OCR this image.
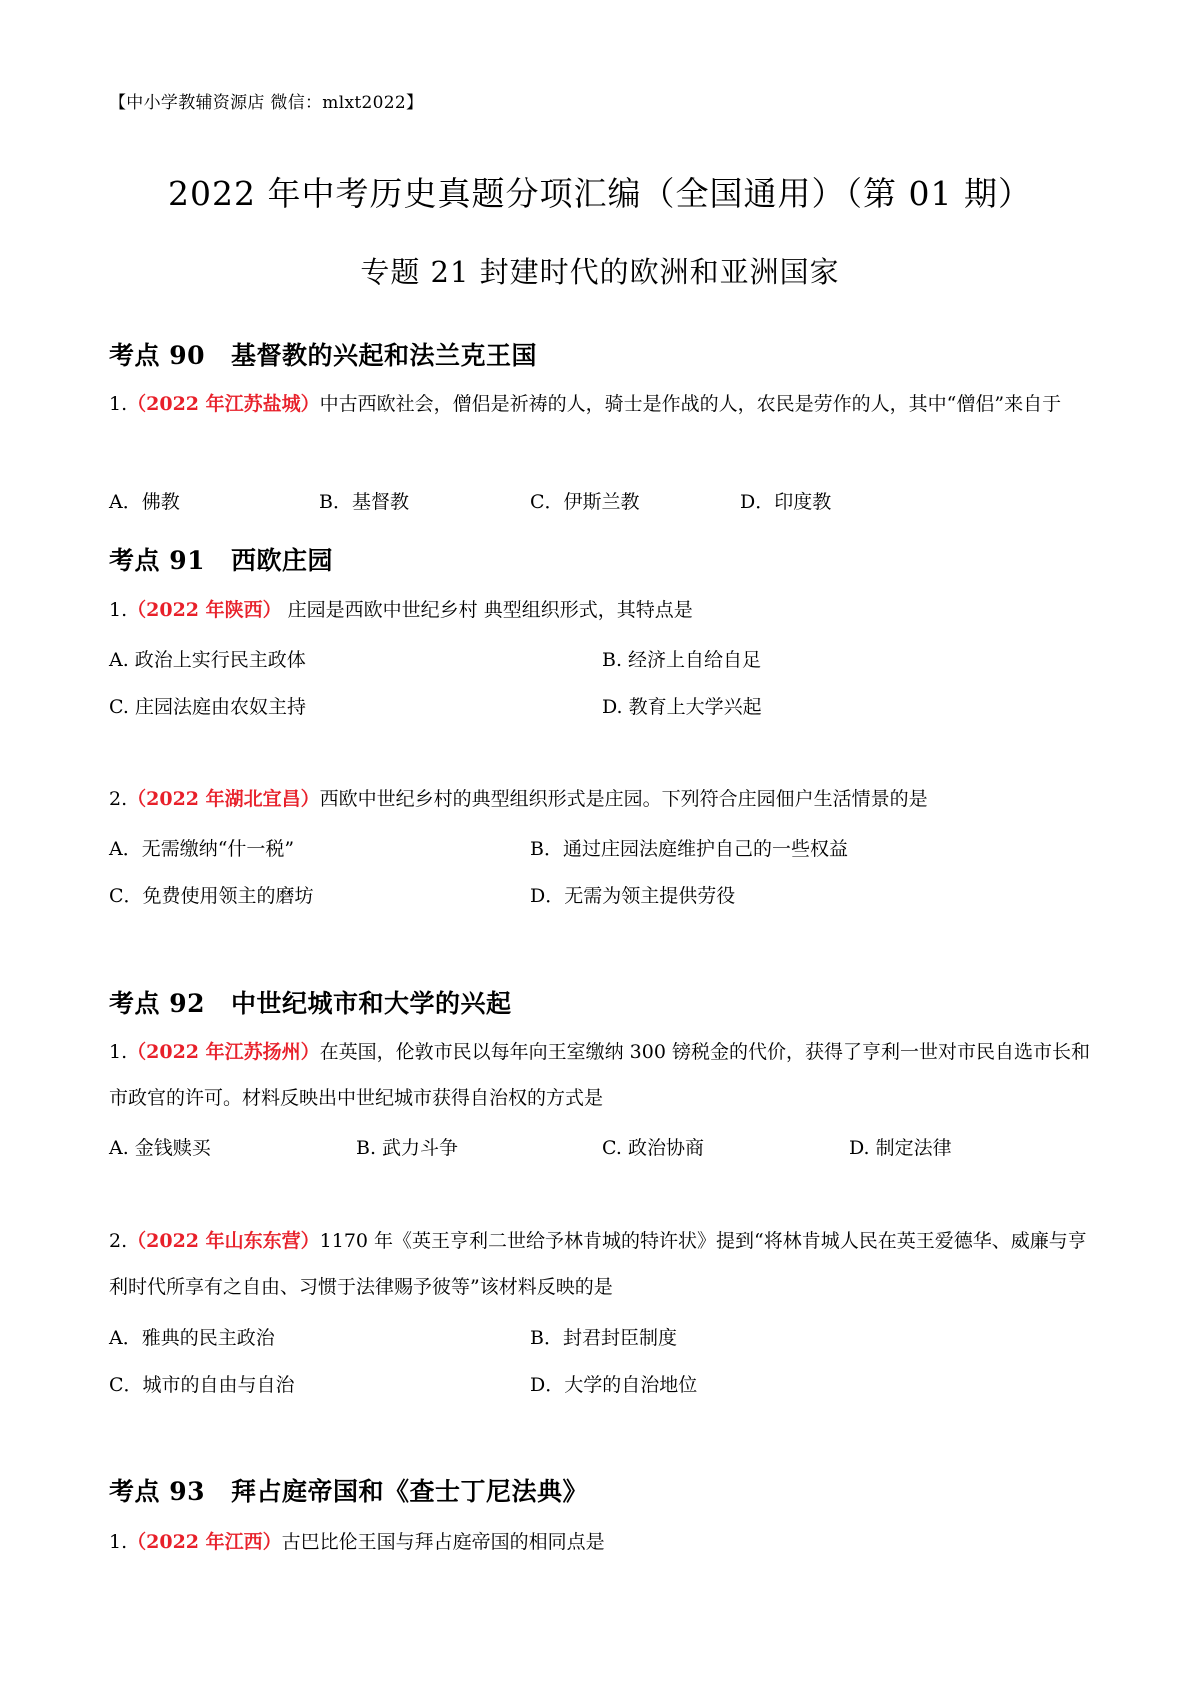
【中小学教辅资源店 微信：mlxt2022】
2022 年中考历史真题分项汇编（全国通用）（第 01 期）
专题 21 封建时代的欧洲和亚洲国家
考点 90 基督教的兴起和法兰克王国
1.（2022 年江苏盐城）中古西欧社会，僧侣是祈祷的人，骑士是作战的人，农民是劳作的人，其中“僧侣”来自于
A．佛教	B．基督教	C．伊斯兰教	D．印度教
考点 91 西欧庄园
1.（2022 年陕西） 庄园是西欧中世纪乡村 典型组织形式，其特点是
A. 政治上实行民主政体	B. 经济上自给自足
C. 庄园法庭由农奴主持	D. 教育上大学兴起
2.（2022 年湖北宜昌）西欧中世纪乡村的典型组织形式是庄园。下列符合庄园佃户生活情景的是
A．无需缴纳“什一税”	B．通过庄园法庭维护自己的一些权益
C．免费使用领主的磨坊	D．无需为领主提供劳役
考点 92 中世纪城市和大学的兴起
1.（2022 年江苏扬州）在英国，伦敦市民以每年向王室缴纳 300 镑税金的代价，获得了亨利一世对市民自选市长和市政官的许可。材料反映出中世纪城市获得自治权的方式是
A. 金钱赎买	B. 武力斗争	C. 政治协商	D. 制定法律
2.（2022 年山东东营）1170 年《英王亨利二世给予林肯城的特许状》提到“将林肯城人民在英王爱德华、威廉与亨利时代所享有之自由、习惯于法律赐予彼等”该材料反映的是
A．雅典的民主政治	B．封君封臣制度
C．城市的自由与自治	D．大学的自治地位
考点 93 拜占庭帝国和《查士丁尼法典》
1.（2022 年江西）古巴比伦王国与拜占庭帝国的相同点是
